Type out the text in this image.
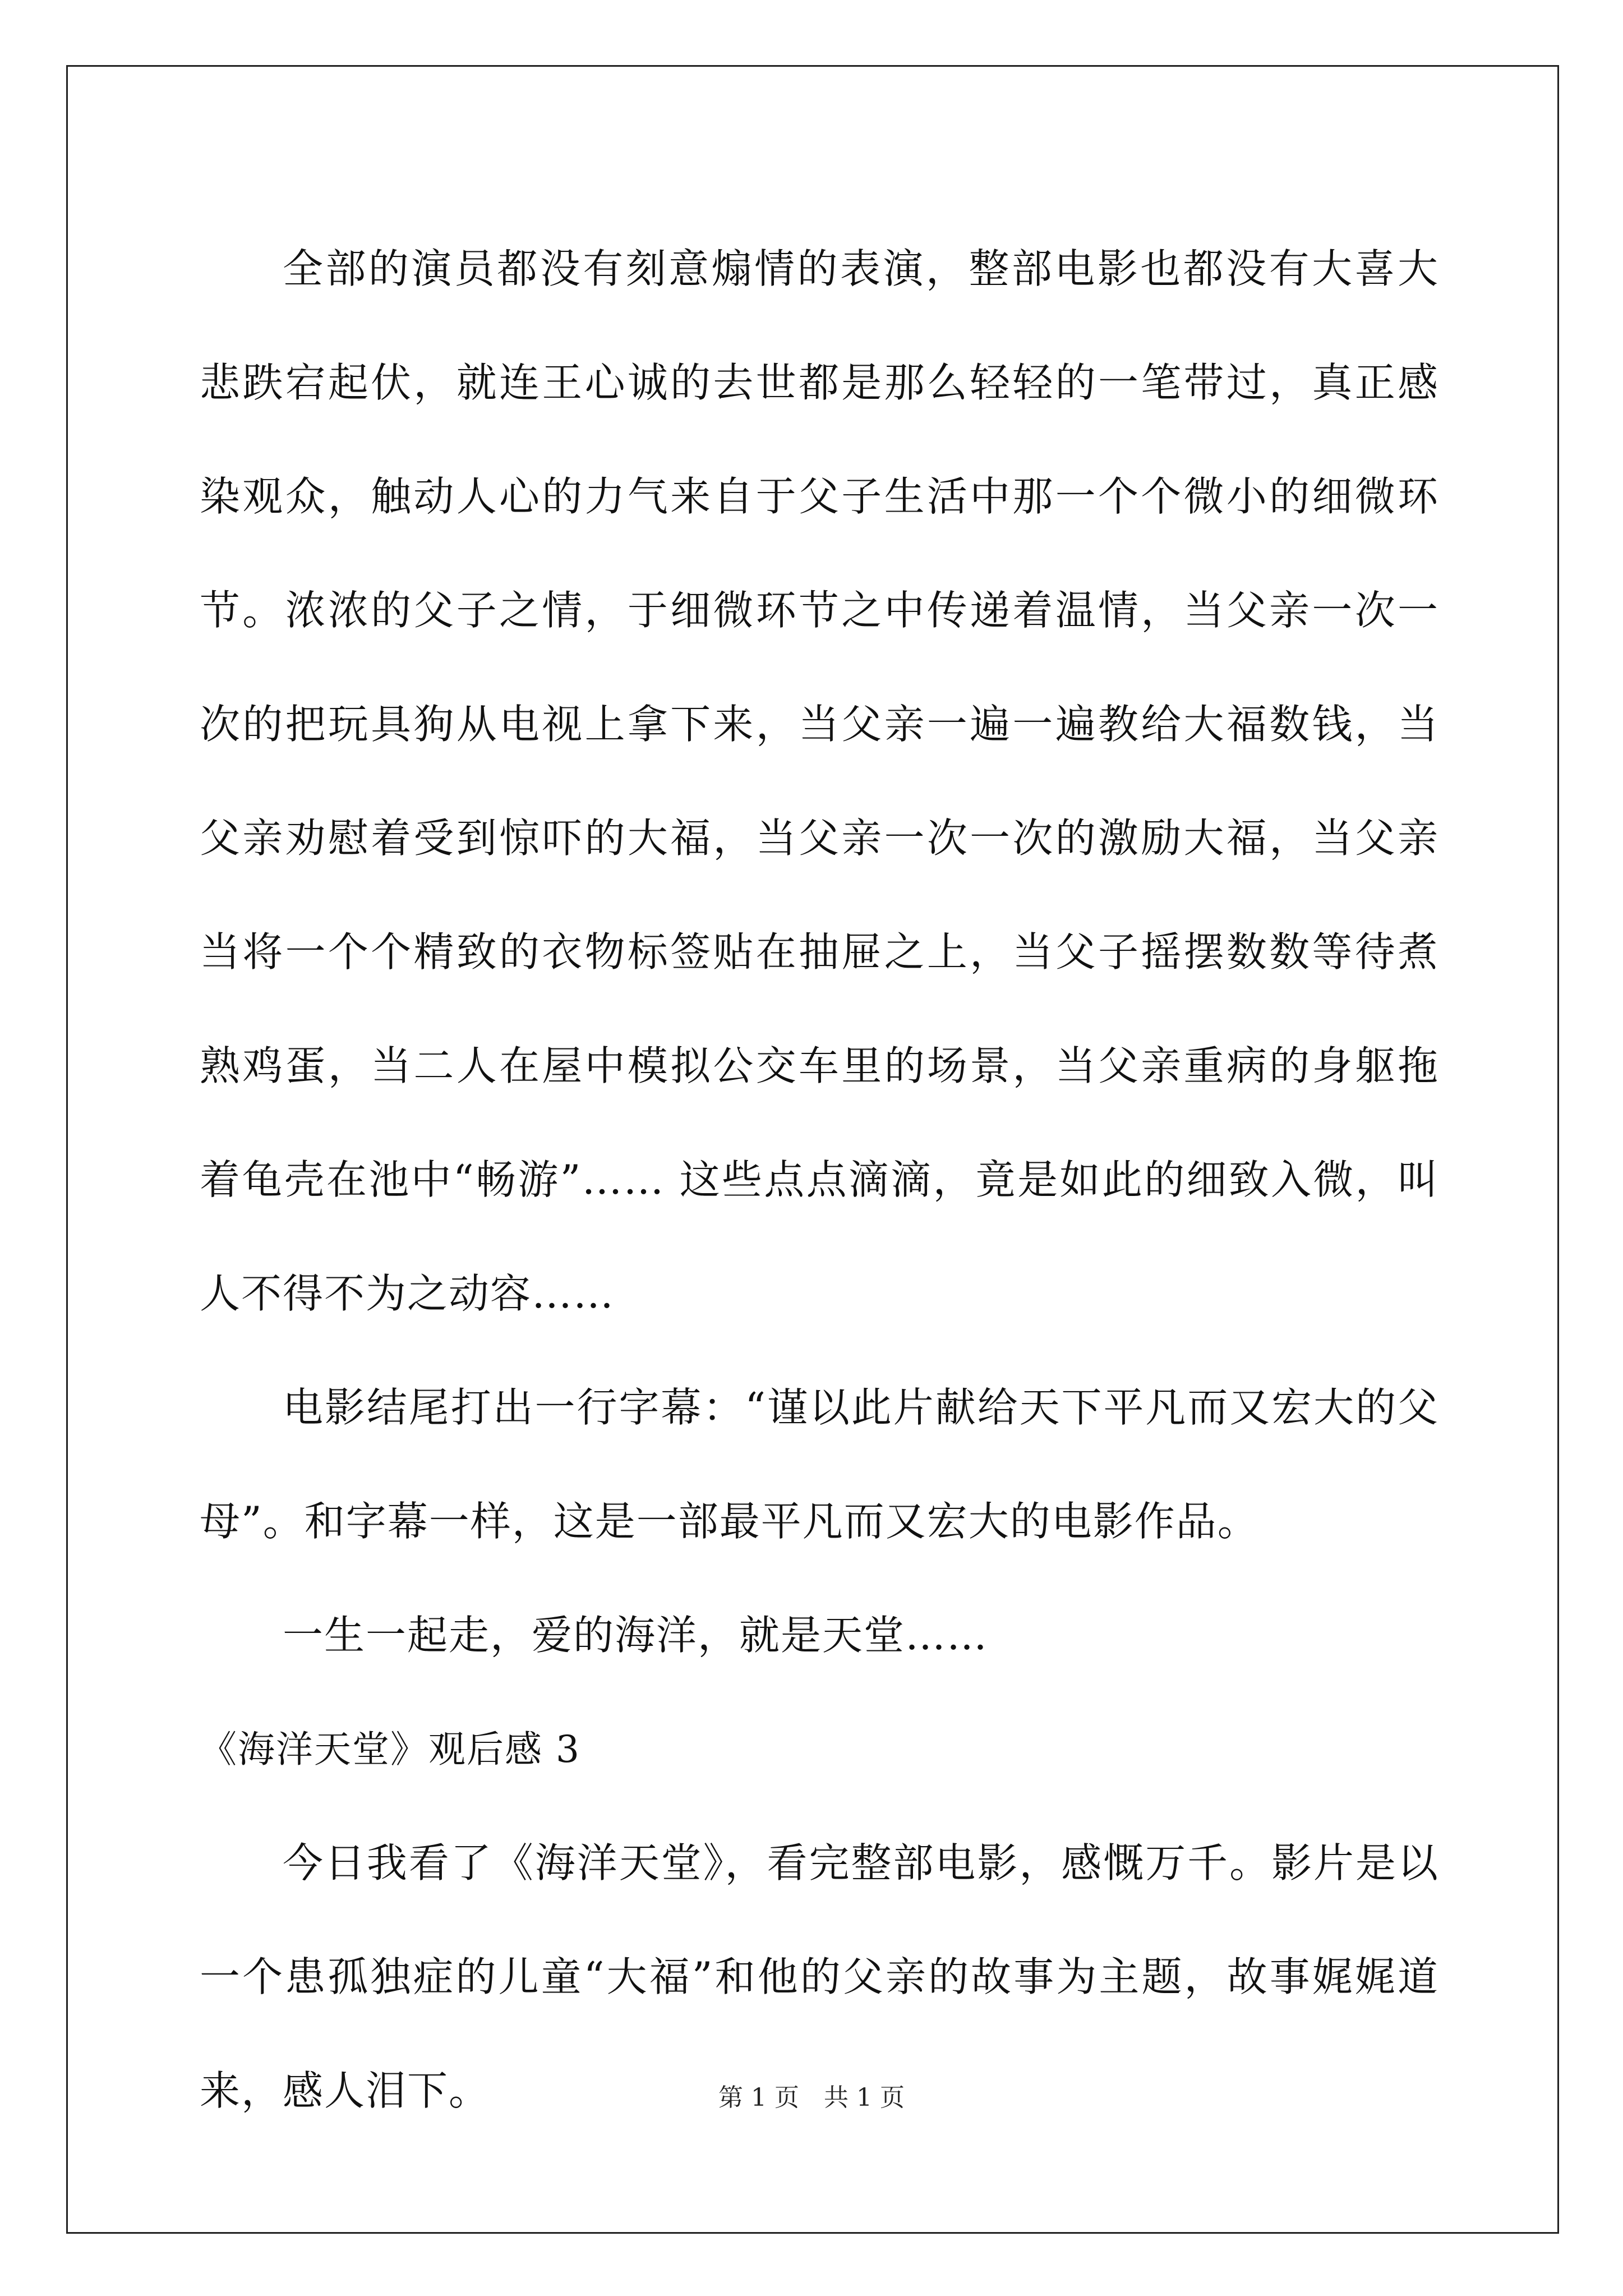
全部的演员都没有刻意煽情的表演，整部电影也都没有大喜大悲跌宕起伏，就连王心诚的去世都是那么轻轻的一笔带过，真正感染观众，触动人心的力气来自于父子生活中那一个个微小的细微环节。浓浓的父子之情，于细微环节之中传递着温情，当父亲一次一次的把玩具狗从电视上拿下来，当父亲一遍一遍教给大福数钱，当父亲劝慰着受到惊吓的大福，当父亲一次一次的激励大福，当父亲当将一个个精致的衣物标签贴在抽屉之上，当父子摇摆数数等待煮熟鸡蛋，当二人在屋中模拟公交车里的场景，当父亲重病的身躯拖着龟壳在池中“畅游”…… 这些点点滴滴，竟是如此的细致入微，叫人不得不为之动容……

电影结尾打出一行字幕：“谨以此片献给天下平凡而又宏大的父母”。和字幕一样，这是一部最平凡而又宏大的电影作品。

一生一起走，爱的海洋，就是天堂……

《海洋天堂》观后感 3

今日我看了《海洋天堂》，看完整部电影，感慨万千。影片是以一个患孤独症的儿童“大福”和他的父亲的故事为主题，故事娓娓道来，感人泪下。	第 1 页　共 1 页
